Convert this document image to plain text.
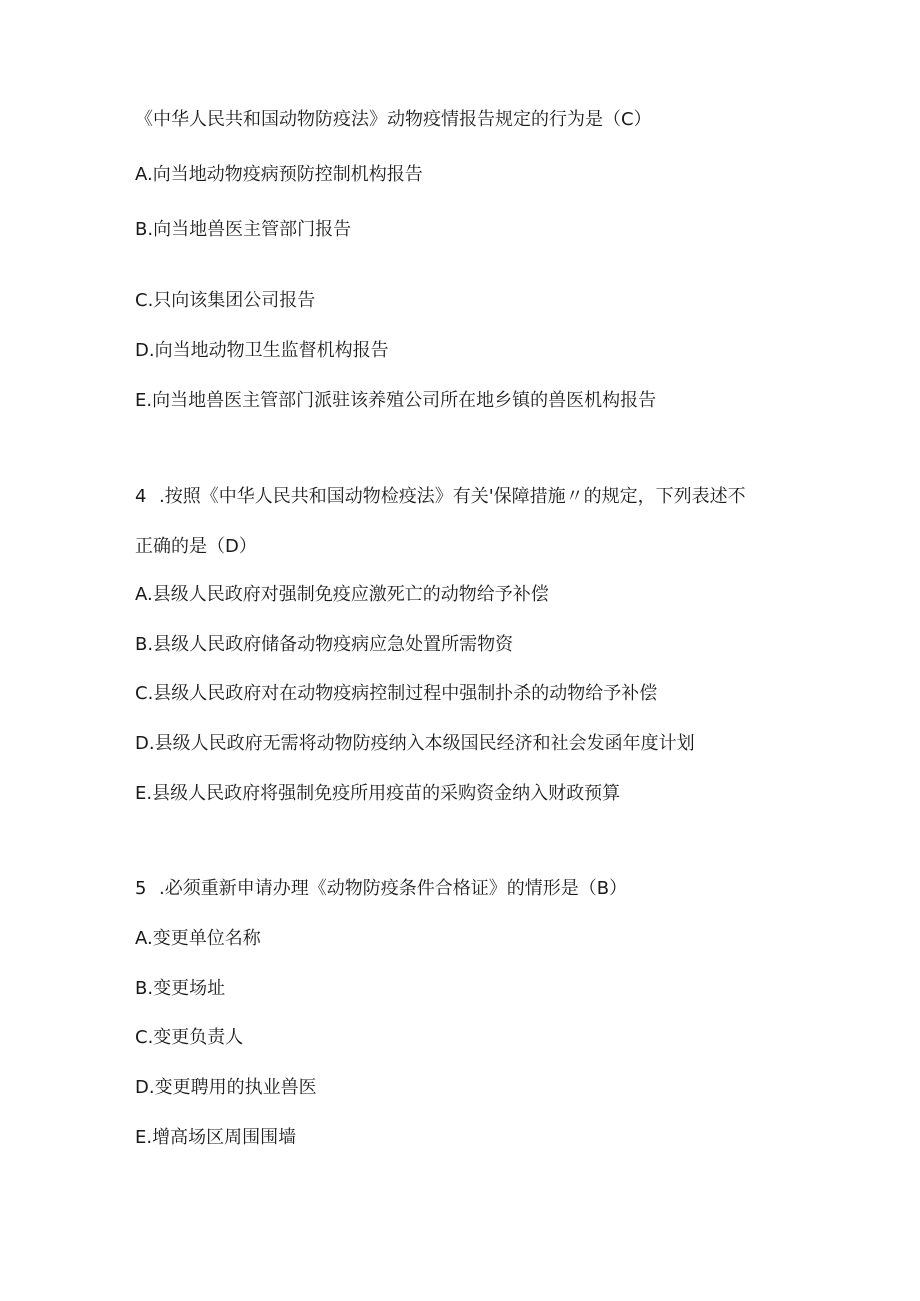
《中华人民共和国动物防疫法》动物疫情报告规定的行为是（C）
A.向当地动物疫病预防控制机构报告
B.向当地兽医主管部门报告
C.只向该集团公司报告
D.向当地动物卫生监督机构报告
E.向当地兽医主管部门派驻该养殖公司所在地乡镇的兽医机构报告
4 .按照《中华人民共和国动物检疫法》有关'保障措施〃的规定，下列表述不
正确的是（D）
A.县级人民政府对强制免疫应激死亡的动物给予补偿
B.县级人民政府储备动物疫病应急处置所需物资
C.县级人民政府对在动物疫病控制过程中强制扑杀的动物给予补偿
D.县级人民政府无需将动物防疫纳入本级国民经济和社会发函年度计划
E.县级人民政府将强制免疫所用疫苗的采购资金纳入财政预算
5 .必须重新申请办理《动物防疫条件合格证》的情形是（B）
A.变更单位名称
B.变更场址
C.变更负责人
D.变更聘用的执业兽医
E.增高场区周围围墙
